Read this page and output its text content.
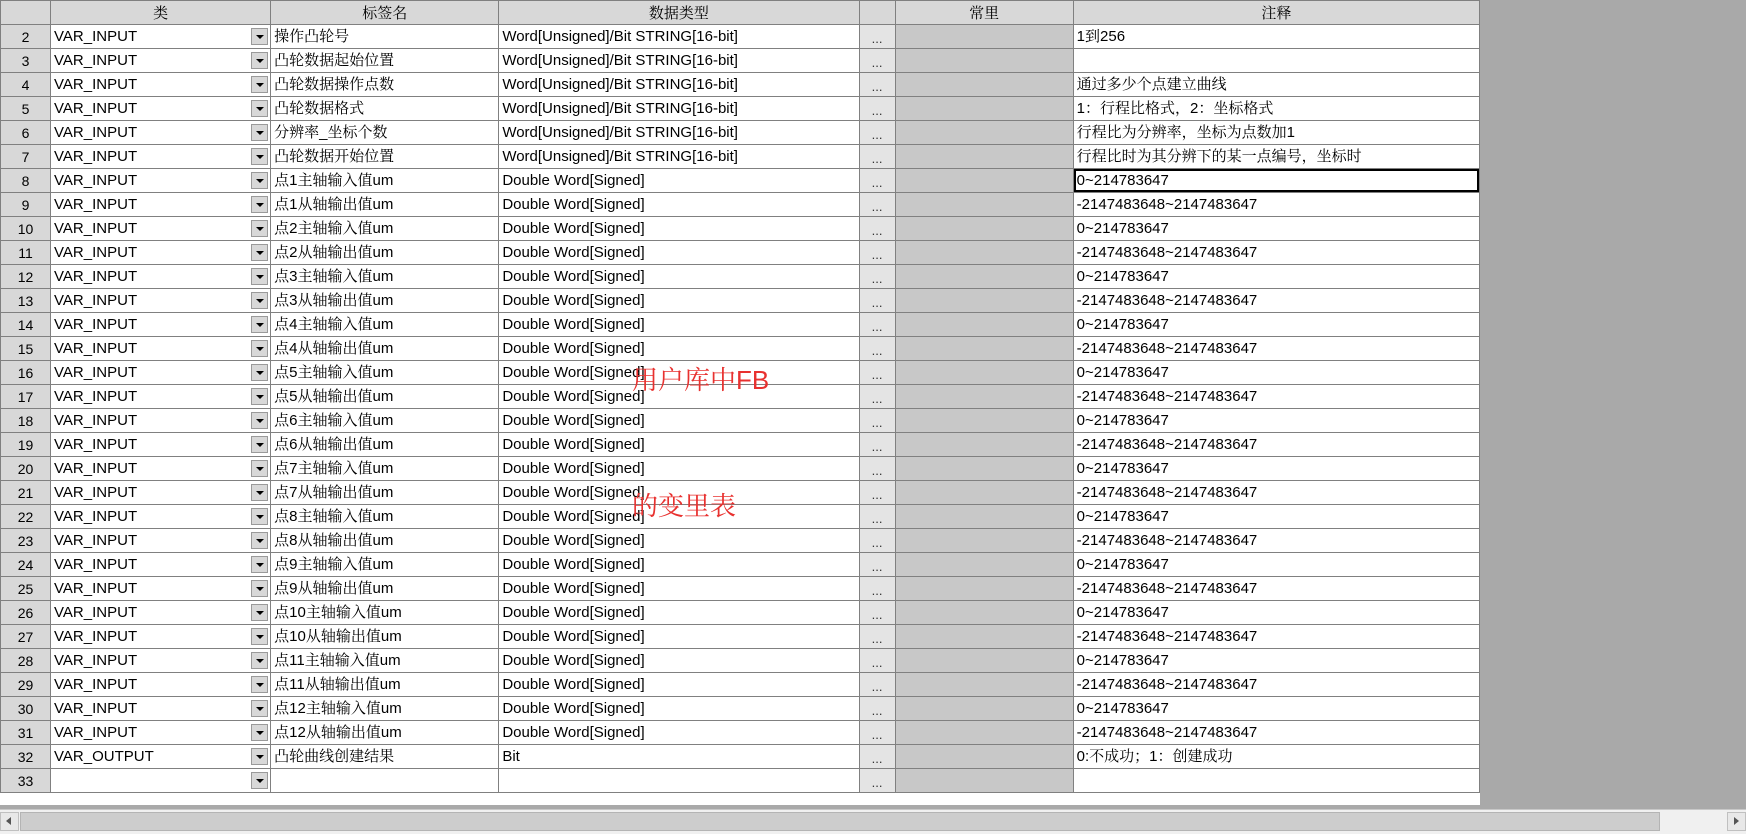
	类	标签名	数据类型		常里	注释
2	VAR_INPUT	操作凸轮号	Word[Unsigned]/Bit STRING[16-bit]	...		1到256

3	VAR_INPUT	凸轮数据起始位置	Word[Unsigned]/Bit STRING[16-bit]	...		

4	VAR_INPUT	凸轮数据操作点数	Word[Unsigned]/Bit STRING[16-bit]	...		通过多少个点建立曲线

5	VAR_INPUT	凸轮数据格式	Word[Unsigned]/Bit STRING[16-bit]	...		1：行程比格式，2：坐标格式

6	VAR_INPUT	分辨率_坐标个数	Word[Unsigned]/Bit STRING[16-bit]	...		行程比为分辨率，坐标为点数加1

7	VAR_INPUT	凸轮数据开始位置	Word[Unsigned]/Bit STRING[16-bit]	...		行程比时为其分辨下的某一点编号，坐标时

8	VAR_INPUT	点1主轴输入值um	Double Word[Signed]	...		0~214783647

9	VAR_INPUT	点1从轴输出值um	Double Word[Signed]	...		-2147483648~2147483647

10	VAR_INPUT	点2主轴输入值um	Double Word[Signed]	...		0~214783647

11	VAR_INPUT	点2从轴输出值um	Double Word[Signed]	...		-2147483648~2147483647

12	VAR_INPUT	点3主轴输入值um	Double Word[Signed]	...		0~214783647

13	VAR_INPUT	点3从轴输出值um	Double Word[Signed]	...		-2147483648~2147483647

14	VAR_INPUT	点4主轴输入值um	Double Word[Signed]	...		0~214783647

15	VAR_INPUT	点4从轴输出值um	Double Word[Signed]	...		-2147483648~2147483647

16	VAR_INPUT	点5主轴输入值um	Double Word[Signed]	...		0~214783647

17	VAR_INPUT	点5从轴输出值um	Double Word[Signed]	...		-2147483648~2147483647

18	VAR_INPUT	点6主轴输入值um	Double Word[Signed]	...		0~214783647

19	VAR_INPUT	点6从轴输出值um	Double Word[Signed]	...		-2147483648~2147483647

20	VAR_INPUT	点7主轴输入值um	Double Word[Signed]	...		0~214783647

21	VAR_INPUT	点7从轴输出值um	Double Word[Signed]	...		-2147483648~2147483647

22	VAR_INPUT	点8主轴输入值um	Double Word[Signed]	...		0~214783647

23	VAR_INPUT	点8从轴输出值um	Double Word[Signed]	...		-2147483648~2147483647

24	VAR_INPUT	点9主轴输入值um	Double Word[Signed]	...		0~214783647

25	VAR_INPUT	点9从轴输出值um	Double Word[Signed]	...		-2147483648~2147483647

26	VAR_INPUT	点10主轴输入值um	Double Word[Signed]	...		0~214783647

27	VAR_INPUT	点10从轴输出值um	Double Word[Signed]	...		-2147483648~2147483647

28	VAR_INPUT	点11主轴输入值um	Double Word[Signed]	...		0~214783647

29	VAR_INPUT	点11从轴输出值um	Double Word[Signed]	...		-2147483648~2147483647

30	VAR_INPUT	点12主轴输入值um	Double Word[Signed]	...		0~214783647

31	VAR_INPUT	点12从轴输出值um	Double Word[Signed]	...		-2147483648~2147483647

32	VAR_OUTPUT	凸轮曲线创建结果	Bit	...		0:不成功；1：创建成功

33				...		

用户库中FB

的变里表
